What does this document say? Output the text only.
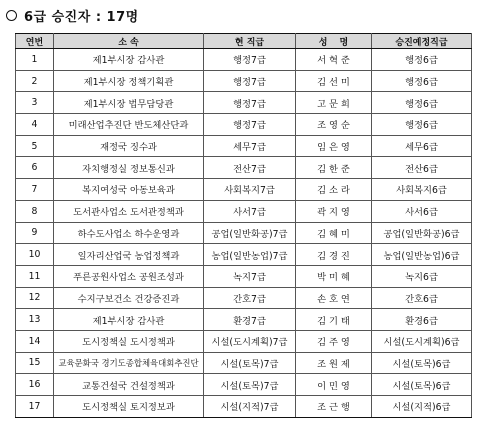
6급 승진자 : 17명
연번	소 속	현 직급	성 명	승진예정직급
1	제1부시장 감사관	행정7급	서 혁 준	행정6급
2	제1부시장 정책기획관	행정7급	김 선 미	행정6급
3	제1부시장 법무담당관	행정7급	고 문 희	행정6급
4	미래산업추진단 반도체산단과	행정7급	조 영 순	행정6급
5	재정국 징수과	세무7급	임 은 영	세무6급
6	자치행정실 정보통신과	전산7급	김 한 준	전산6급
7	복지여성국 아동보육과	사회복지7급	김 소 라	사회복지6급
8	도서관사업소 도서관정책과	사서7급	곽 지 영	사서6급
9	하수도사업소 하수운영과	공업(일반화공)7급	김 혜 미	공업(일반화공)6급
10	일자리산업국 농업정책과	농업(일반농업)7급	김 경 진	농업(일반농업)6급
11	푸른공원사업소 공원조성과	녹지7급	박 미 혜	녹지6급
12	수지구보건소 건강증진과	간호7급	손 호 연	간호6급
13	제1부시장 감사관	환경7급	김 기 태	환경6급
14	도시정책실 도시정책과	시설(도시계획)7급	김 주 영	시설(도시계획)6급
15	교육문화국 경기도종합체육대회추진단	시설(토목)7급	조 원 제	시설(토목)6급
16	교통건설국 건설정책과	시설(토목)7급	이 민 영	시설(토목)6급
17	도시정책실 토지정보과	시설(지적)7급	조 근 행	시설(지적)6급
